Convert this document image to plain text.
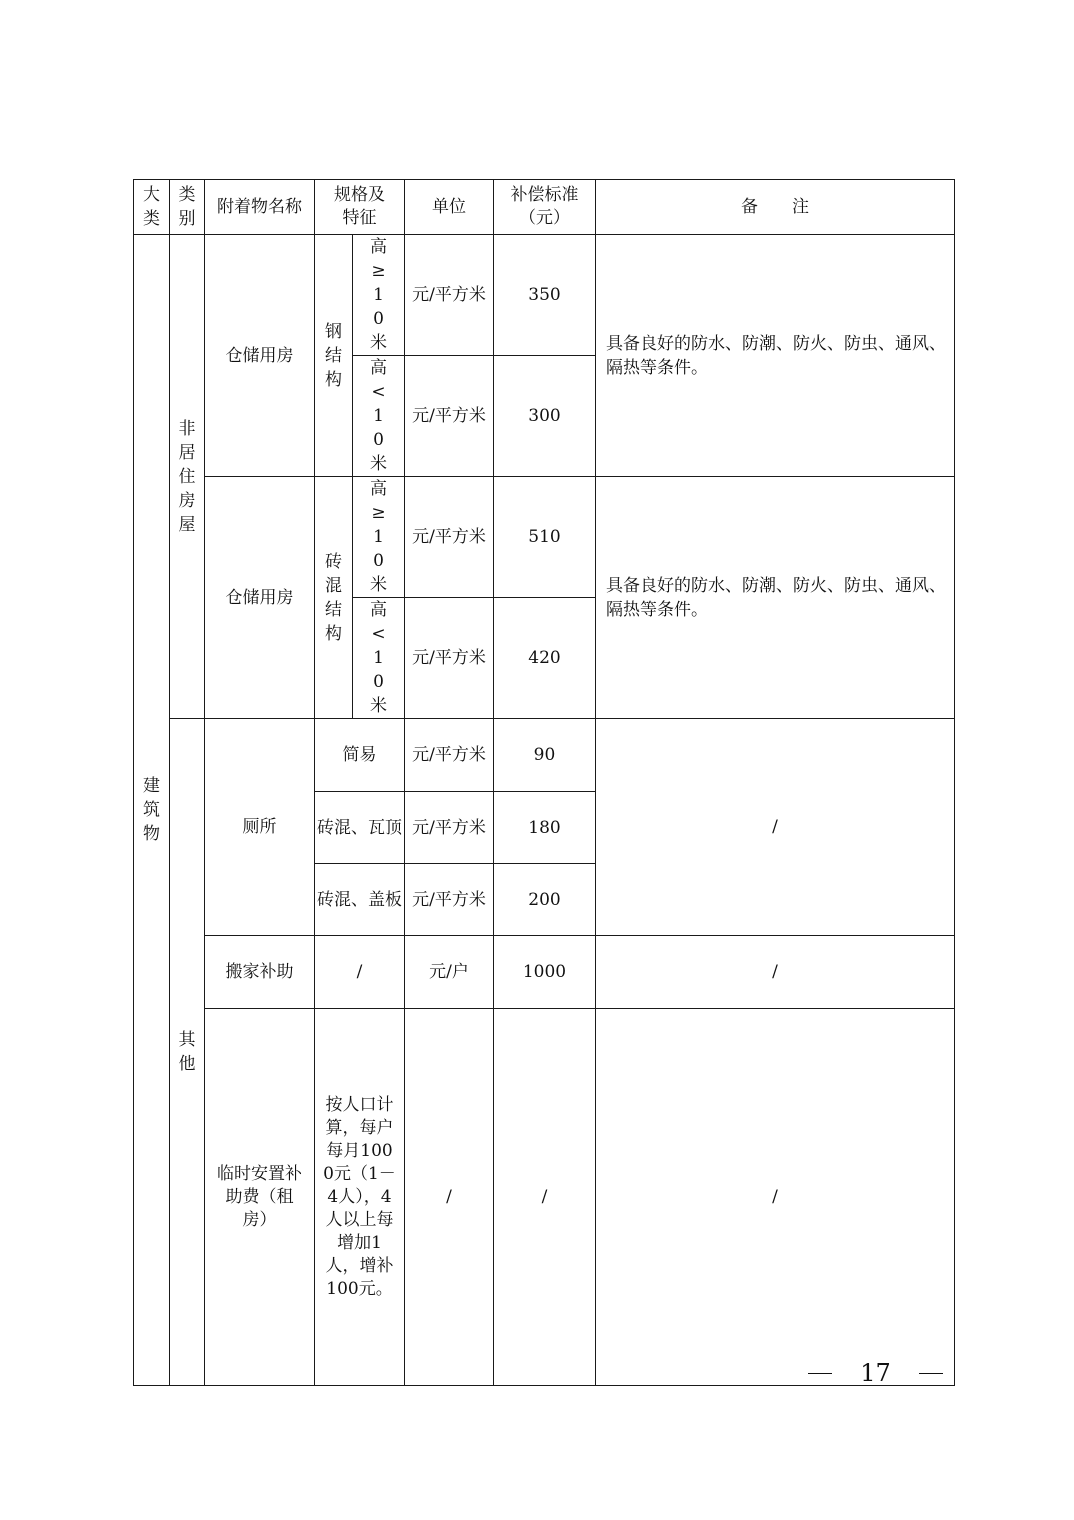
大类	类别	附着物名称	规格及特征		单位	补偿标准（元）	备　　注
建筑物	非居住房屋	仓储用房	钢结构	高≥10米	元/平方米	350	具备良好的防水、防潮、防火、防虫、通风、隔热等条件。
				高<10米	元/平方米	300	
		仓储用房	砖混结构	高≥10米	元/平方米	510	具备良好的防水、防潮、防火、防虫、通风、隔热等条件。
				高<10米	元/平方米	420	
	其他	厕所	简易		元/平方米	90	/
			砖混、瓦顶		元/平方米	180	
			砖混、盖板		元/平方米	200	
		搬家补助	/		元/户	1000	/
		临时安置补助费（租房）	按人口计算，每户每月1000元（1－4人），4人以上每增加1人，增补100元。		/	/	/
17
